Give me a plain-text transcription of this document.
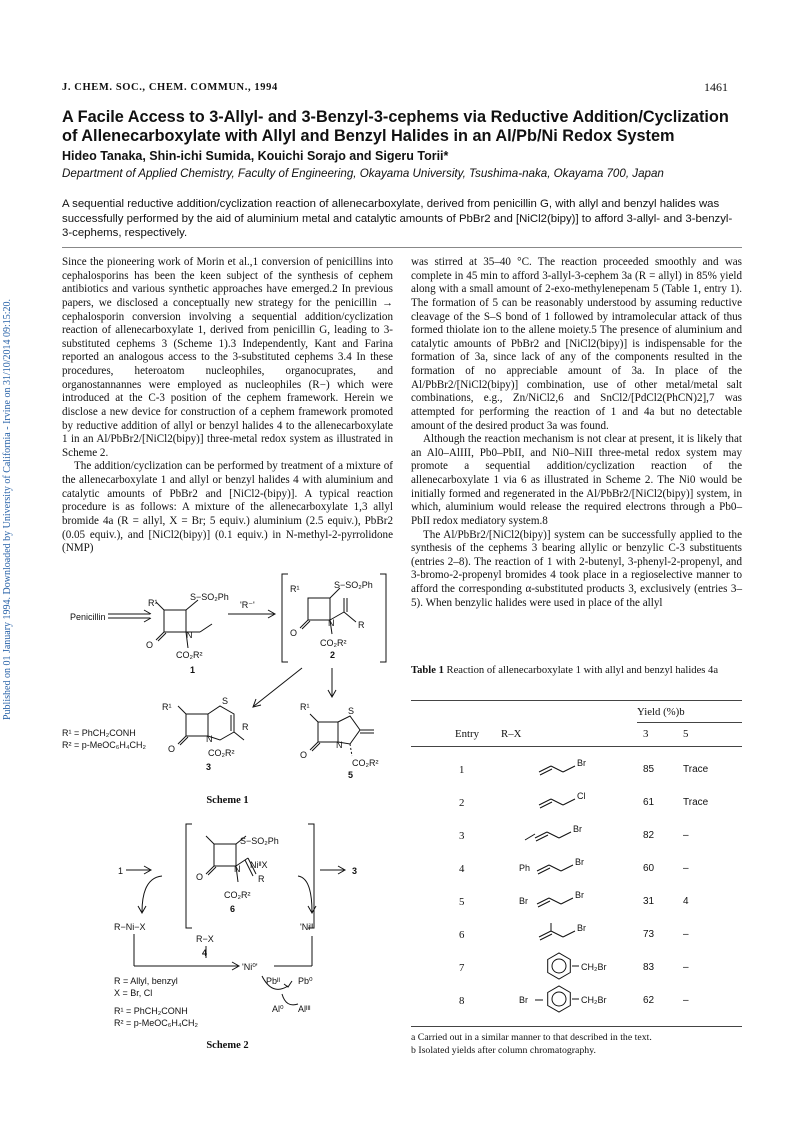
Published on 01 January 1994. Downloaded by University of California - Irvine on 31/10/2014 09:15:20.
J. CHEM. SOC., CHEM. COMMUN., 1994	1461
A Facile Access to 3-Allyl- and 3-Benzyl-3-cephems via Reductive Addition/Cyclization of Allenecarboxylate with Allyl and Benzyl Halides in an Al/Pb/Ni Redox System
Hideo Tanaka, Shin-ichi Sumida, Kouichi Sorajo and Sigeru Torii*
Department of Applied Chemistry, Faculty of Engineering, Okayama University, Tsushima-naka, Okayama 700, Japan
A sequential reductive addition/cyclization reaction of allenecarboxylate, derived from penicillin G, with allyl and benzyl halides was successfully performed by the aid of aluminium metal and catalytic amounts of PbBr2 and [NiCl2(bipy)] to afford 3-allyl- and 3-benzyl-3-cephems, respectively.

Since the pioneering work of Morin et al.,1 conversion of penicillins into cephalosporins has been the keen subject of the synthesis of cephem antibiotics and various synthetic approaches have emerged.2 In previous papers, we disclosed a conceptually new strategy for the penicillin → cephalosporin conversion involving a sequential addition/cyclization reaction of allenecarboxylate 1, derived from penicillin G, leading to 3-substituted cephems 3 (Scheme 1).3 Independently, Kant and Farina reported an analogous access to the 3-substituted cephems 3.4 In these procedures, heteroatom nucleophiles, organocuprates, and organostannannes were employed as nucleophiles (R−) which were introduced at the C-3 position of the cephem framework. Herein we disclose a new device for construction of a cephem framework promoted by reductive addition of allyl or benzyl halides 4 to the allenecarboxylate 1 in an Al/PbBr2/[NiCl2(bipy)] three-metal redox system as illustrated in Scheme 2.

The addition/cyclization can be performed by treatment of a mixture of the allenecarboxylate 1 and allyl or benzyl halides 4 with aluminium and catalytic amounts of PbBr2 and [NiCl2-(bipy)]. A typical reaction procedure is as follows: A mixture of the allenecarboxylate 1,3 allyl bromide 4a (R = allyl, X = Br; 5 equiv.) aluminium (2.5 equiv.), PbBr2 (0.05 equiv.), and [NiCl2(bipy)] (0.1 equiv.) in N-methyl-2-pyrrolidone (NMP)

was stirred at 35–40 °C. The reaction proceeded smoothly and was complete in 45 min to afford 3-allyl-3-cephem 3a (R = allyl) in 85% yield along with a small amount of 2-exo-methylenepenam 5 (Table 1, entry 1). The formation of 5 can be reasonably understood by assuming reductive cleavage of the S–S bond of 1 followed by intramolecular attack of thus formed thiolate ion to the allene moiety.5 The presence of aluminium and catalytic amounts of PbBr2 and [NiCl2(bipy)] is indispensable for the formation of 3a, since lack of any of the components resulted in the formation of no appreciable amount of 3a. In place of the Al/PbBr2/[NiCl2(bipy)] combination, use of other metal/metal salt combinations, e.g., Zn/NiCl2,6 and SnCl2/[PdCl2(PhCN)2],7 was attempted for performing the reaction of 1 and 4a but no detectable amount of the desired product 3a was found.

Although the reaction mechanism is not clear at present, it is likely that an Al0–AlIII, Pb0–PbII, and Ni0–NiII three-metal redox system may promote a sequential addition/cyclization reaction of the allenecarboxylate 1 via 6 as illustrated in Scheme 2. The Ni0 would be initially formed and regenerated in the Al/PbBr2/[NiCl2(bipy)] system, in which, aluminium would release the required electrons through a Pb0–PbII redox mediatory system.8

The Al/PbBr2/[NiCl2(bipy)] system can be successfully applied to the synthesis of the cephems 3 bearing allylic or benzylic C-3 substituents (entries 2–8). The reaction of 1 with 2-butenyl, 3-phenyl-2-propenyl, and 3-bromo-2-propenyl bromides 4 took place in a regioselective manner to afford the corresponding α-substituted products 3, exclusively (entries 3–5). When benzylic halides were used in place of the allyl

Penicillin
R¹
S−SO₂Ph
O
N
CO₂R²
1
'R⁻'
R¹	S−SO₂Ph
O
N	R
CO₂R²
2
R¹
S
O
N
R
CO₂R²
3
R¹	S
O
N
CO₂R²
5
R¹ = PhCH₂CONH
R² = p-MeOC₆H₄CH₂
Scheme 1
1
S−SO₂Ph
NiᴵᴵX
R
O
N
CO₂R²
6
3
R−Ni−X	'Niᴵᴵ'
R−X
4
'Ni⁰'
Pbᴵᴵ Pb⁰
Al⁰ Alᴵᴵᴵ
R = Allyl, benzyl
X = Br, Cl
R¹ = PhCH₂CONH
R² = p-MeOC₆H₄CH₂
Scheme 2
Table 1 Reaction of allenecarboxylate 1 with allyl and benzyl halides 4a
Yield (%)b
Entry R–X	3	5
1	85	Trace
Br
2	61	Trace
Cl
3	82	–
Br
4	60	–
Ph
Br
5	31	4
Br
Br
6	73	–
Br
7	83	–
CH₂Br
8	62	–
Br	CH₂Br
a Carried out in a similar manner to that described in the text.
b Isolated yields after column chromatography.
